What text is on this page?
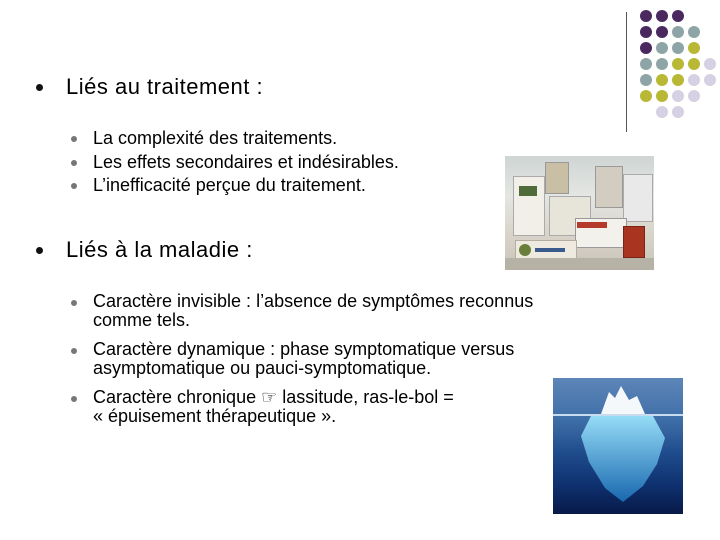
Liés au traitement :
La complexité des traitements.
Les effets secondaires et indésirables.
L’inefficacité perçue du traitement.
Liés à la maladie :
Caractère invisible : l’absence de symptômes reconnus
comme tels.
Caractère dynamique : phase symptomatique versus
asymptomatique ou pauci-symptomatique.
Caractère chronique ☞ lassitude, ras-le-bol =
« épuisement thérapeutique ».
